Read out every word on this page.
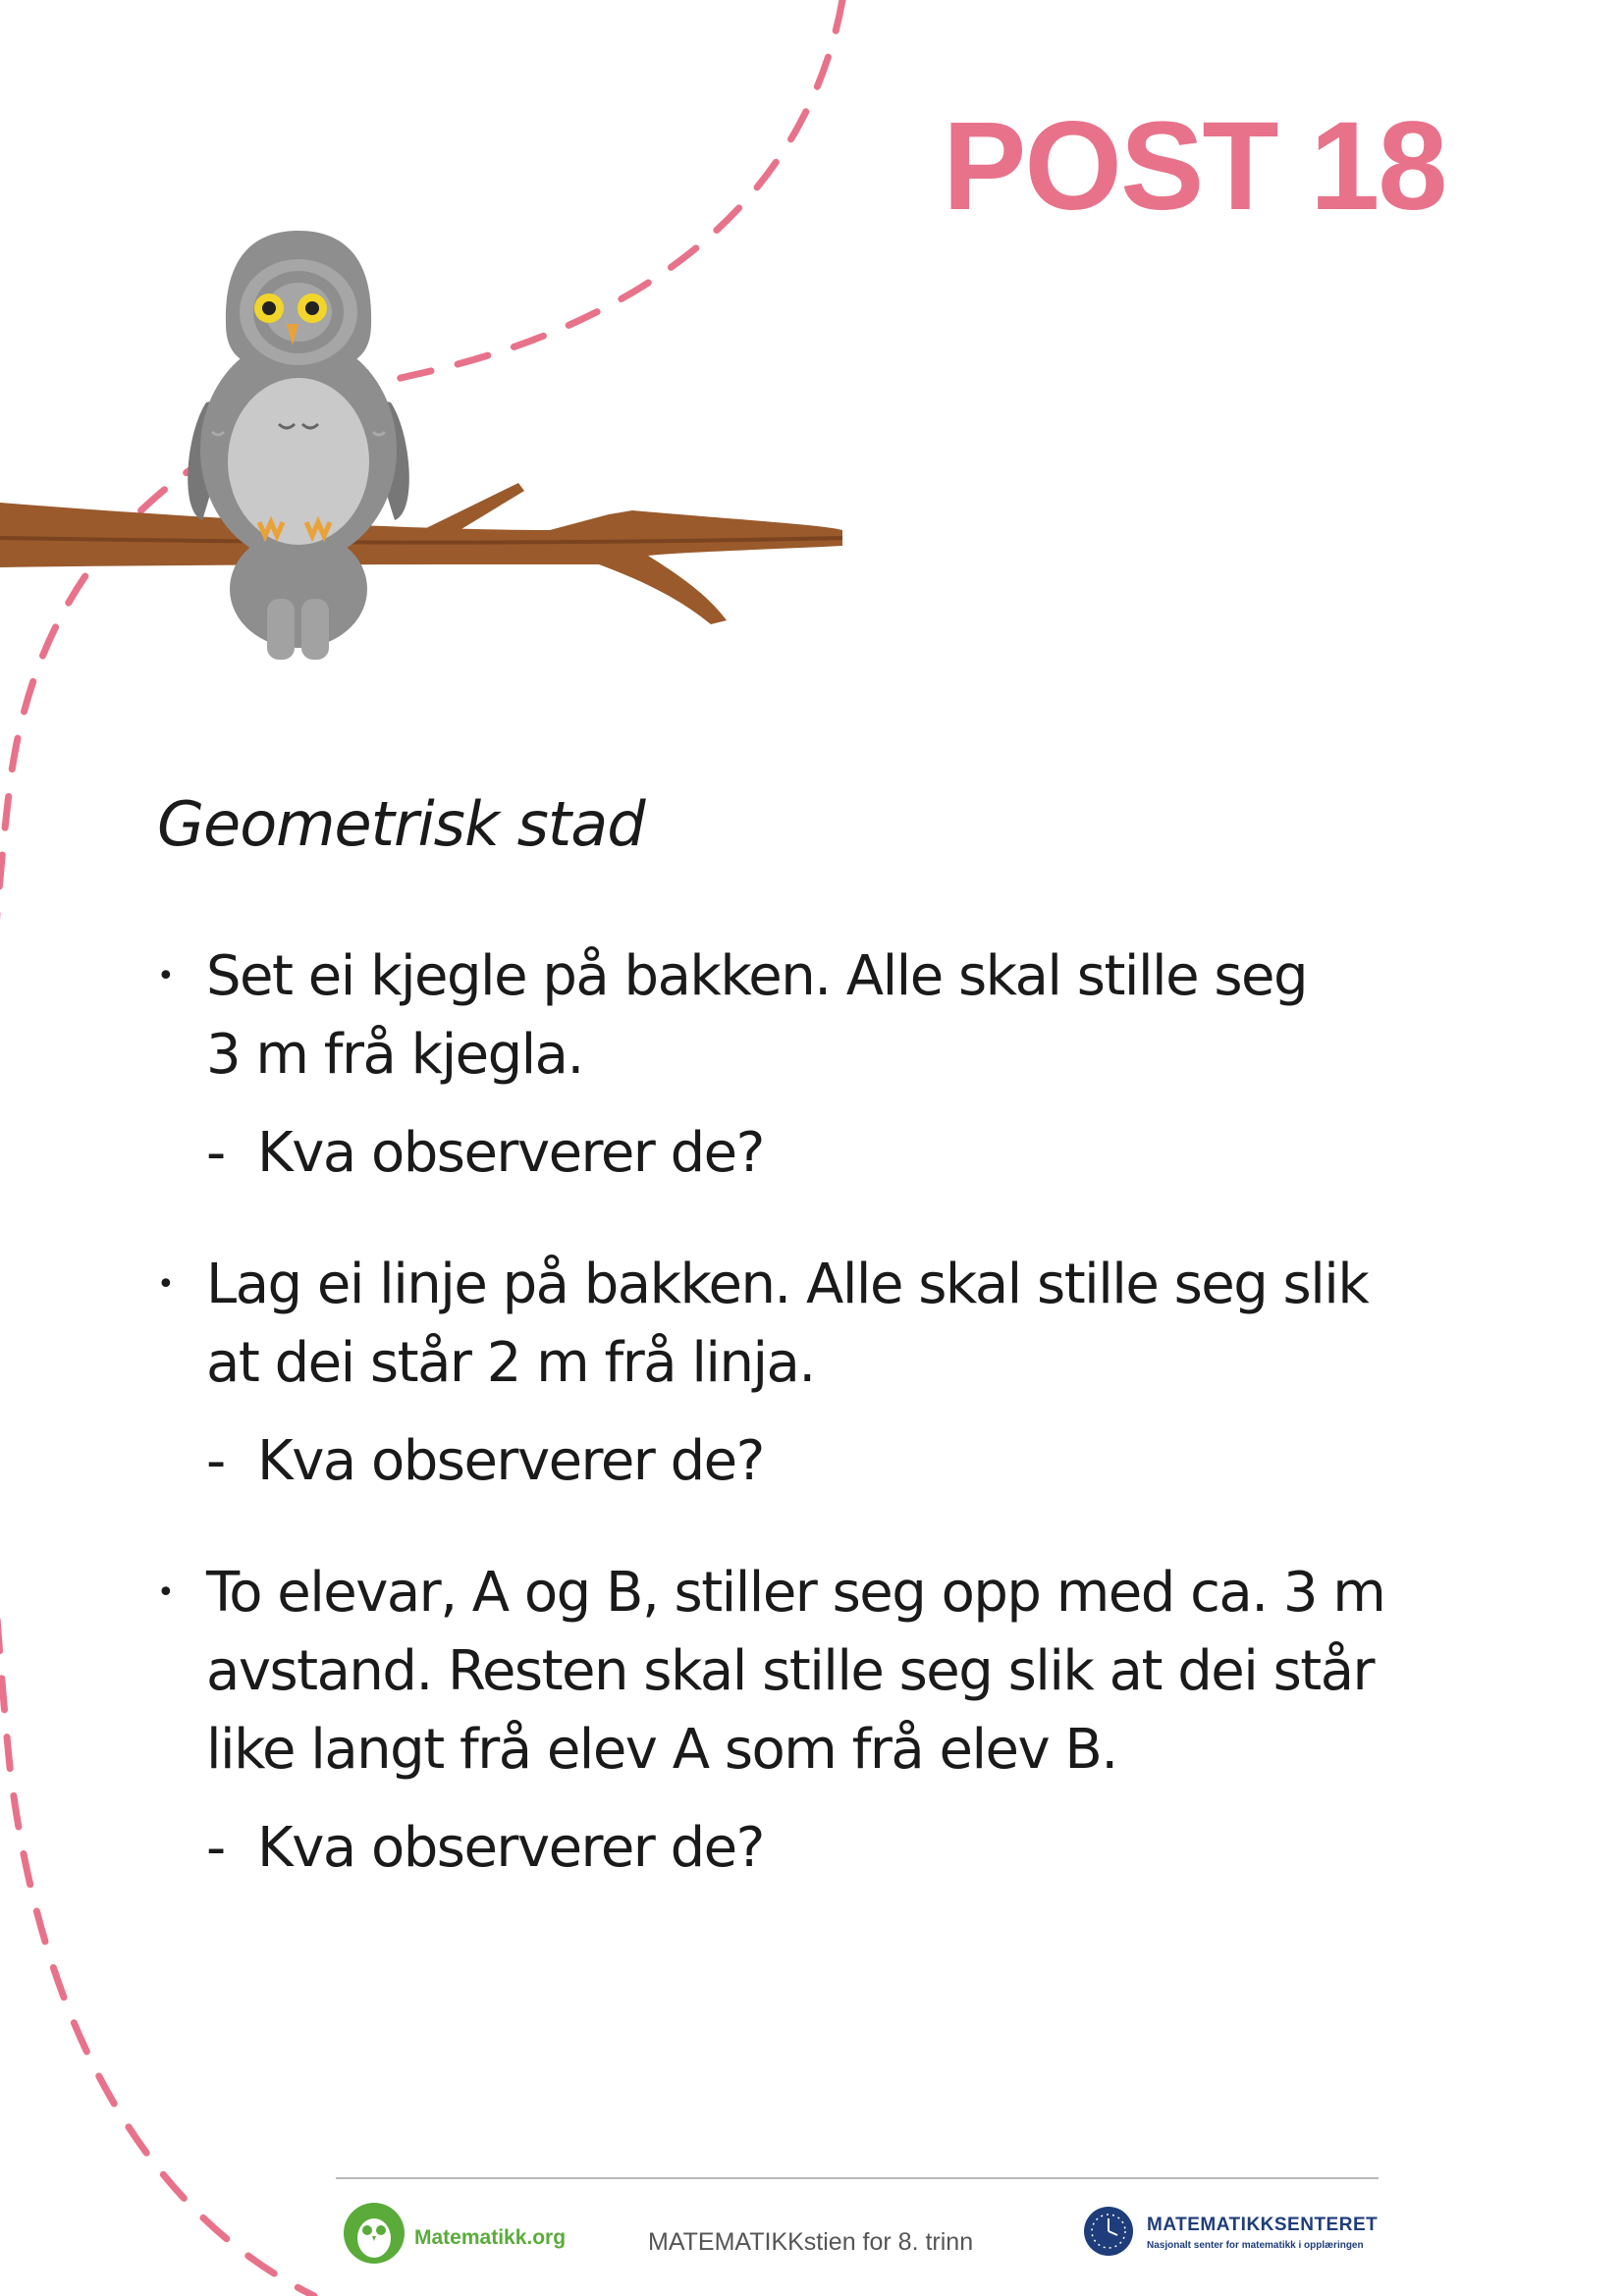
POST 18
Geometrisk stad
• Set ei kjegle på bakken. Alle skal stille seg
3 m frå kjegla.
- Kva observerer de?
• Lag ei linje på bakken. Alle skal stille seg slik
at dei står 2 m frå linja.
- Kva observerer de?
• To elevar, A og B, stiller seg opp med ca. 3 m
avstand. Resten skal stille seg slik at dei står
like langt frå elev A som frå elev B.
- Kva observerer de?
Matematikk.org	MATEMATIKKstien for 8. trinn
MATEMATIKKSENTERET
Nasjonalt senter for matematikk i opplæringen
